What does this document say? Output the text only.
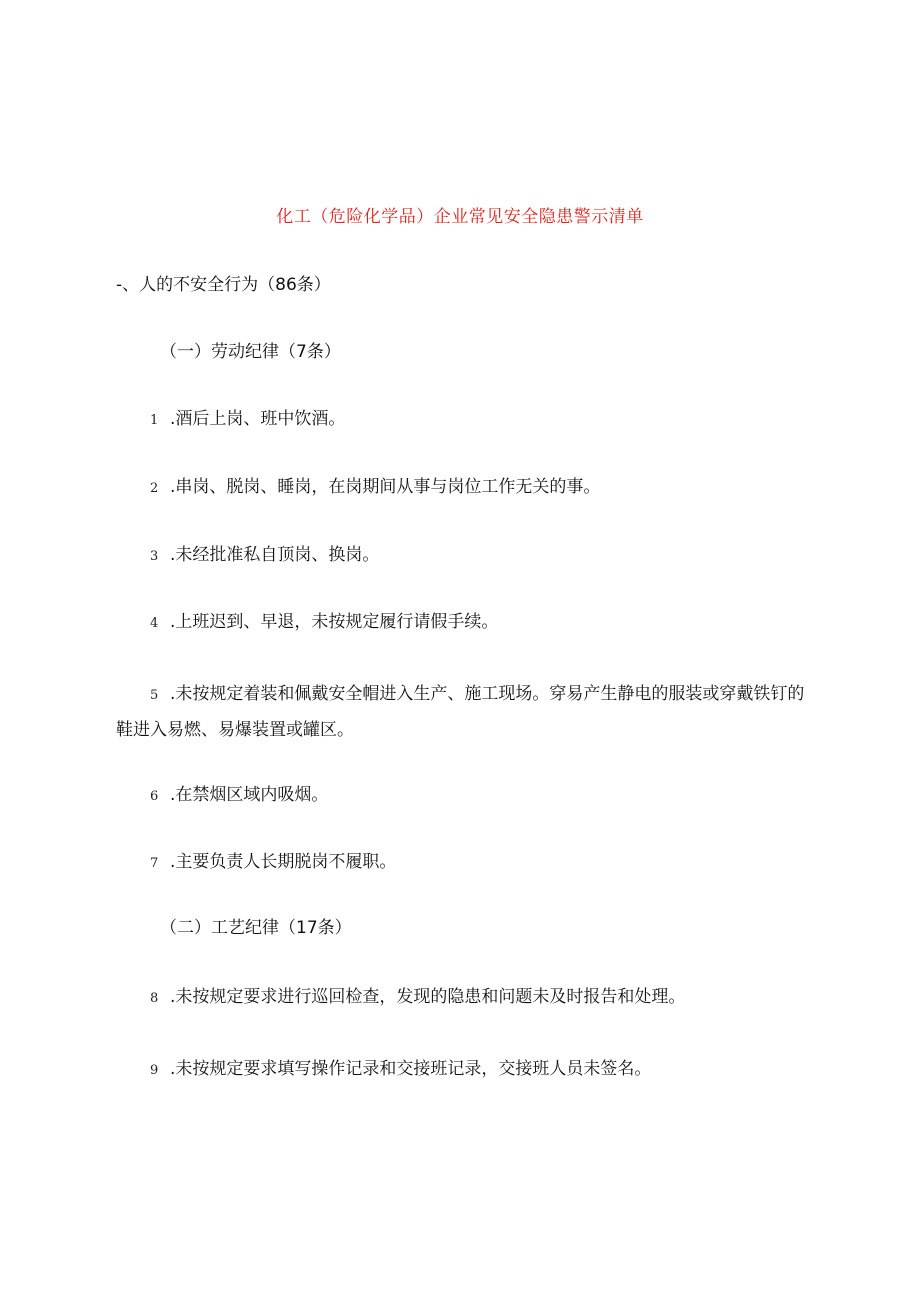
化工（危险化学品）企业常见安全隐患警示清单
-、人的不安全行为（86条）
（一）劳动纪律（7条）
1 .酒后上岗、班中饮酒。
2 .串岗、脱岗、睡岗，在岗期间从事与岗位工作无关的事。
3 .未经批准私自顶岗、换岗。
4 .上班迟到、早退，未按规定履行请假手续。
5 .未按规定着装和佩戴安全帽进入生产、施工现场。穿易产生静电的服装或穿戴铁钉的
鞋进入易燃、易爆装置或罐区。
6 .在禁烟区域内吸烟。
7 .主要负责人长期脱岗不履职。
（二）工艺纪律（17条）
8 .未按规定要求进行巡回检查，发现的隐患和问题未及时报告和处理。
9 .未按规定要求填写操作记录和交接班记录，交接班人员未签名。
